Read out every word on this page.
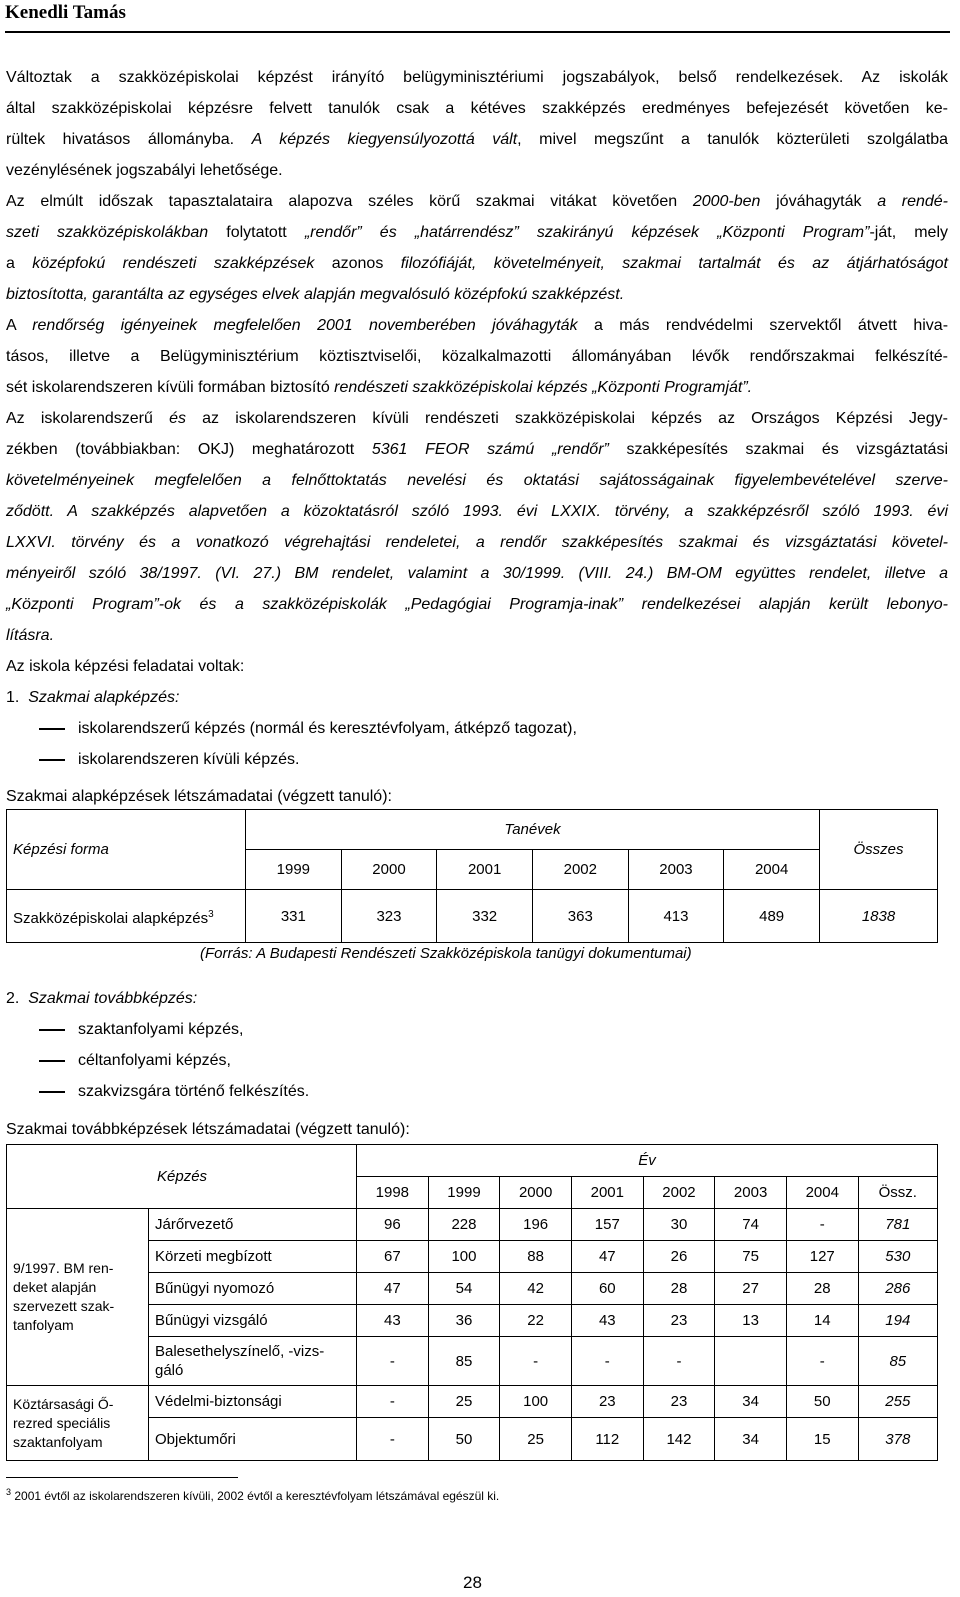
Kenedli Tamás

Változtak a szakközépiskolai képzést irányító belügyminisztériumi jogszabályok, belső rendelkezések. Az iskolák
által szakközépiskolai képzésre felvett tanulók csak a kétéves szakképzés eredményes befejezését követően ke-
rültek hivatásos állományba. A képzés kiegyensúlyozottá vált, mivel megszűnt a tanulók közterületi szolgálatba
vezénylésének jogszabályi lehetősége.

Az elmúlt időszak tapasztalataira alapozva széles körű szakmai vitákat követően 2000-ben jóváhagyták a rendé-
szeti szakközépiskolákban folytatott „rendőr” és „határrendész” szakirányú képzések „Központi Program”-ját, mely
a középfokú rendészeti szakképzések azonos filozófiáját, követelményeit, szakmai tartalmát és az átjárhatóságot
biztosította, garantálta az egységes elvek alapján megvalósuló középfokú szakképzést.

A rendőrség igényeinek megfelelően 2001 novemberében jóváhagyták a más rendvédelmi szervektől átvett hiva-
tásos, illetve a Belügyminisztérium köztisztviselői, közalkalmazotti állományában lévők rendőrszakmai felkészíté-
sét iskolarendszeren kívüli formában biztosító rendészeti szakközépiskolai képzés „Központi Programját”.

Az iskolarendszerű és az iskolarendszeren kívüli rendészeti szakközépiskolai képzés az Országos Képzési Jegy-
zékben (továbbiakban: OKJ) meghatározott 5361 FEOR számú „rendőr” szakképesítés szakmai és vizsgáztatási
követelményeinek megfelelően a felnőttoktatás nevelési és oktatási sajátosságainak figyelembevételével szerve-
ződött. A szakképzés alapvetően a közoktatásról szóló 1993. évi LXXIX. törvény, a szakképzésről szóló 1993. évi
LXXVI. törvény és a vonatkozó végrehajtási rendeletei, a rendőr szakképesítés szakmai és vizsgáztatási követel-
ményeiről szóló 38/1997. (VI. 27.) BM rendelet, valamint a 30/1999. (VIII. 24.) BM-OM együttes rendelet, illetve a
„Központi Program”-ok és a szakközépiskolák „Pedagógiai Programja-inak” rendelkezései alapján került lebonyo-
lításra.

Az iskola képzési feladatai voltak:

1. Szakmai alapképzés:

iskolarendszerű képzés (normál és keresztévfolyam, átképző tagozat),
iskolarendszeren kívüli képzés.
Szakmai alapképzések létszámadatai (végzett tanuló):
Képzési forma	Tanévek						Összes
	1999	2000	2001	2002	2003	2004	
Szakközépiskolai alapképzés$^3$	331	323	332	363	413	489	1838
(Forrás: A Budapesti Rendészeti Szakközépiskola tanügyi dokumentumai)

2. Szakmai továbbképzés:

szaktanfolyami képzés,
céltanfolyami képzés,
szakvizsgára történő felkészítés.
Szakmai továbbképzések létszámadatai (végzett tanuló):
Képzés		Év							
		1998	1999	2000	2001	2002	2003	2004	Össz.
9/1997. BM ren-deket alapján szervezett szak-tanfolyam	Járőrvezető	96	228	196	157	30	74	-	781
	Körzeti megbízott	67	100	88	47	26	75	127	530
	Bűnügyi nyomozó	47	54	42	60	28	27	28	286
	Bűnügyi vizsgáló	43	36	22	43	23	13	14	194
	Balesethelyszínelő, -vizs-gáló	-	85	-	-	-		-	85
Köztársasági Ő-rezred speciális szaktanfolyam	Védelmi-biztonsági	-	25	100	23	23	34	50	255
	Objektumőri	-	50	25	112	142	34	15	378
$^3$ 2001 évtől az iskolarendszeren kívüli, 2002 évtől a keresztévfolyam létszámával egészül ki.
28
